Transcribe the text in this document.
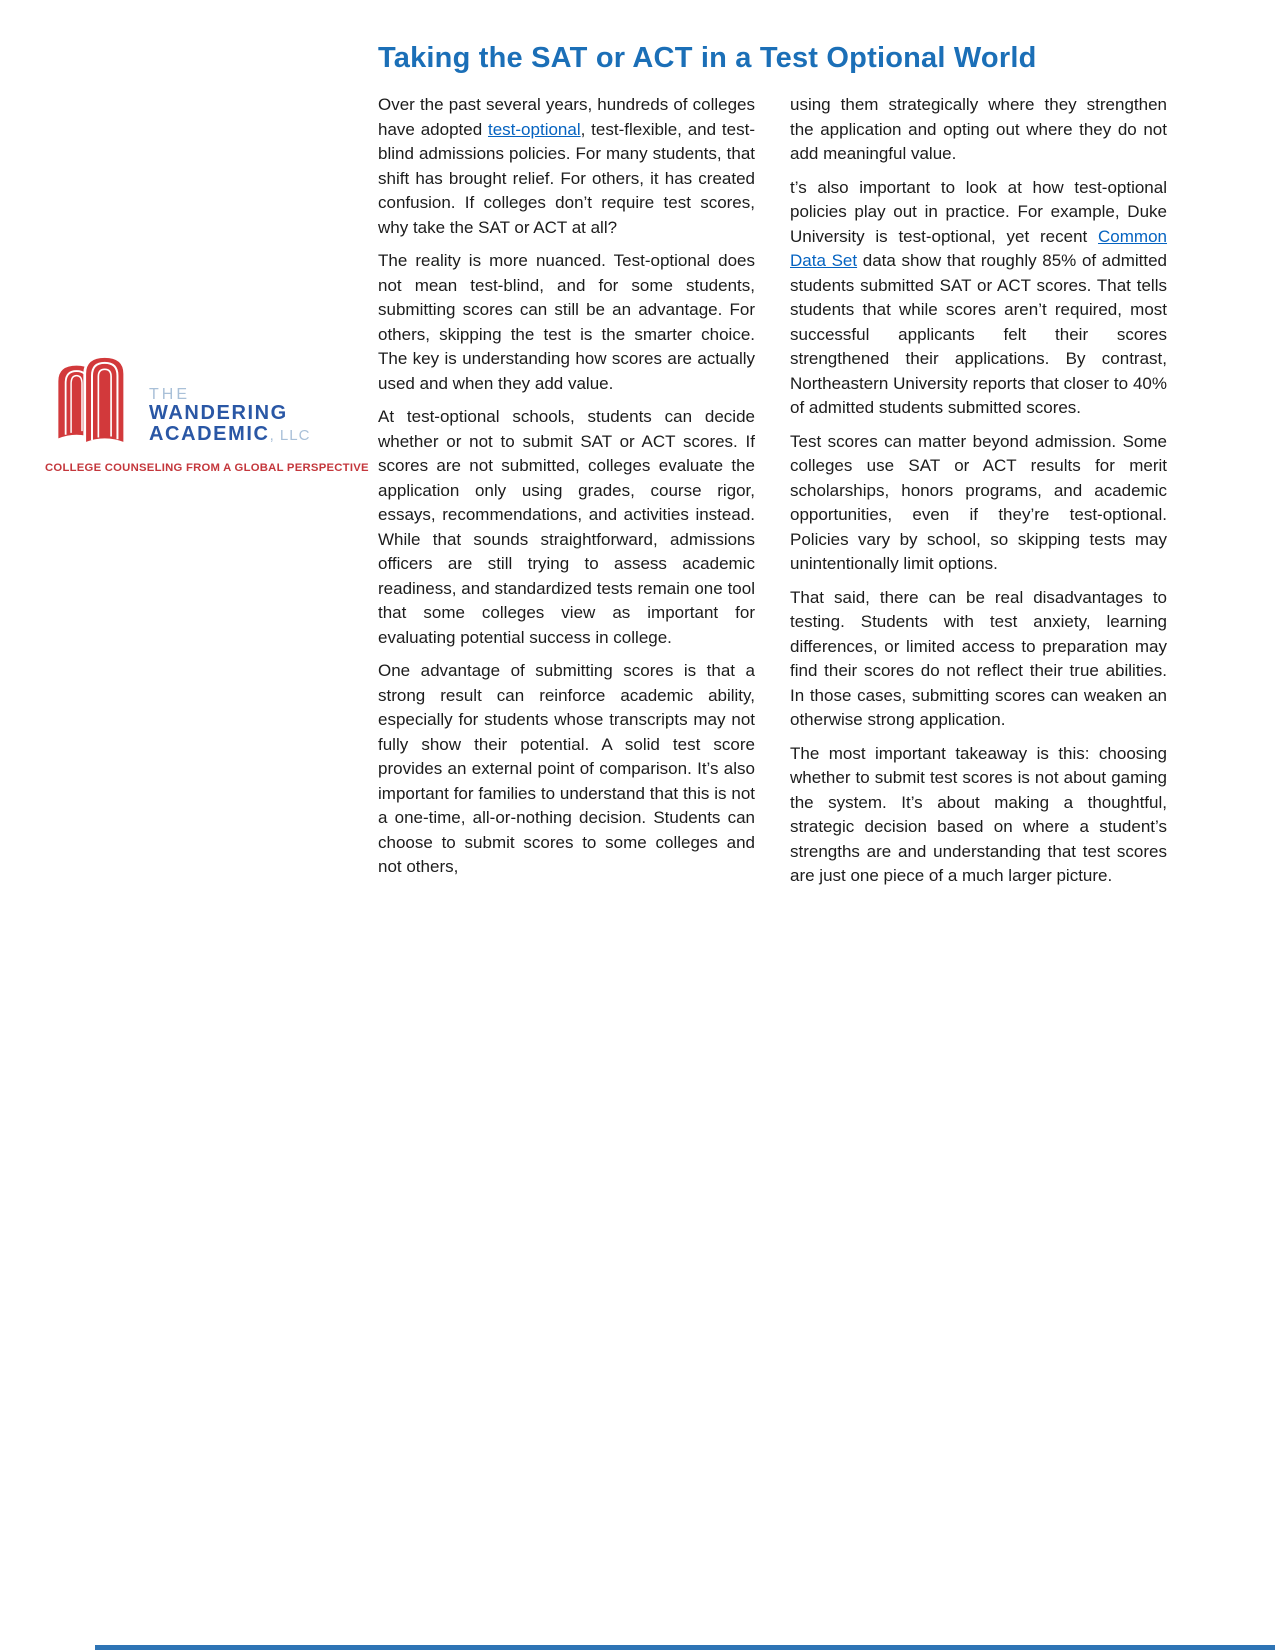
THE
WANDERING
ACADEMIC, LLC
COLLEGE COUNSELING FROM A GLOBAL PERSPECTIVE
Taking the SAT or ACT in a Test Optional World
Over the past several years, hundreds of colleges have adopted test-optional, test-flexible, and test-blind admissions policies. For many students, that shift has brought relief. For others, it has created confusion. If colleges don’t require test scores, why take the SAT or ACT at all?
The reality is more nuanced. Test-optional does not mean test-blind, and for some students, submitting scores can still be an advantage. For others, skipping the test is the smarter choice. The key is understanding how scores are actually used and when they add value.
At test-optional schools, students can decide whether or not to submit SAT or ACT scores. If scores are not submitted, colleges evaluate the application only using grades, course rigor, essays, recommendations, and activities instead. While that sounds straightforward, admissions officers are still trying to assess academic readiness, and standardized tests remain one tool that some colleges view as important for evaluating potential success in college.
One advantage of submitting scores is that a strong result can reinforce academic ability, especially for students whose transcripts may not fully show their potential. A solid test score provides an external point of comparison. It’s also important for families to understand that this is not a one-time, all-or-nothing decision. Students can choose to submit scores to some colleges and not others,
using them strategically where they strengthen the application and opting out where they do not add meaningful value.
t’s also important to look at how test-optional policies play out in practice. For example, Duke University is test-optional, yet recent Common Data Set data show that roughly 85% of admitted students submitted SAT or ACT scores. That tells students that while scores aren’t required, most successful applicants felt their scores strengthened their applications. By contrast, Northeastern University reports that closer to 40% of admitted students submitted scores.
Test scores can matter beyond admission. Some colleges use SAT or ACT results for merit scholarships, honors programs, and academic opportunities, even if they’re test-optional. Policies vary by school, so skipping tests may unintentionally limit options.
That said, there can be real disadvantages to testing. Students with test anxiety, learning differences, or limited access to preparation may find their scores do not reflect their true abilities. In those cases, submitting scores can weaken an otherwise strong application.
The most important takeaway is this: choosing whether to submit test scores is not about gaming the system. It’s about making a thoughtful, strategic decision based on where a student’s strengths are and understanding that test scores are just one piece of a much larger picture.
